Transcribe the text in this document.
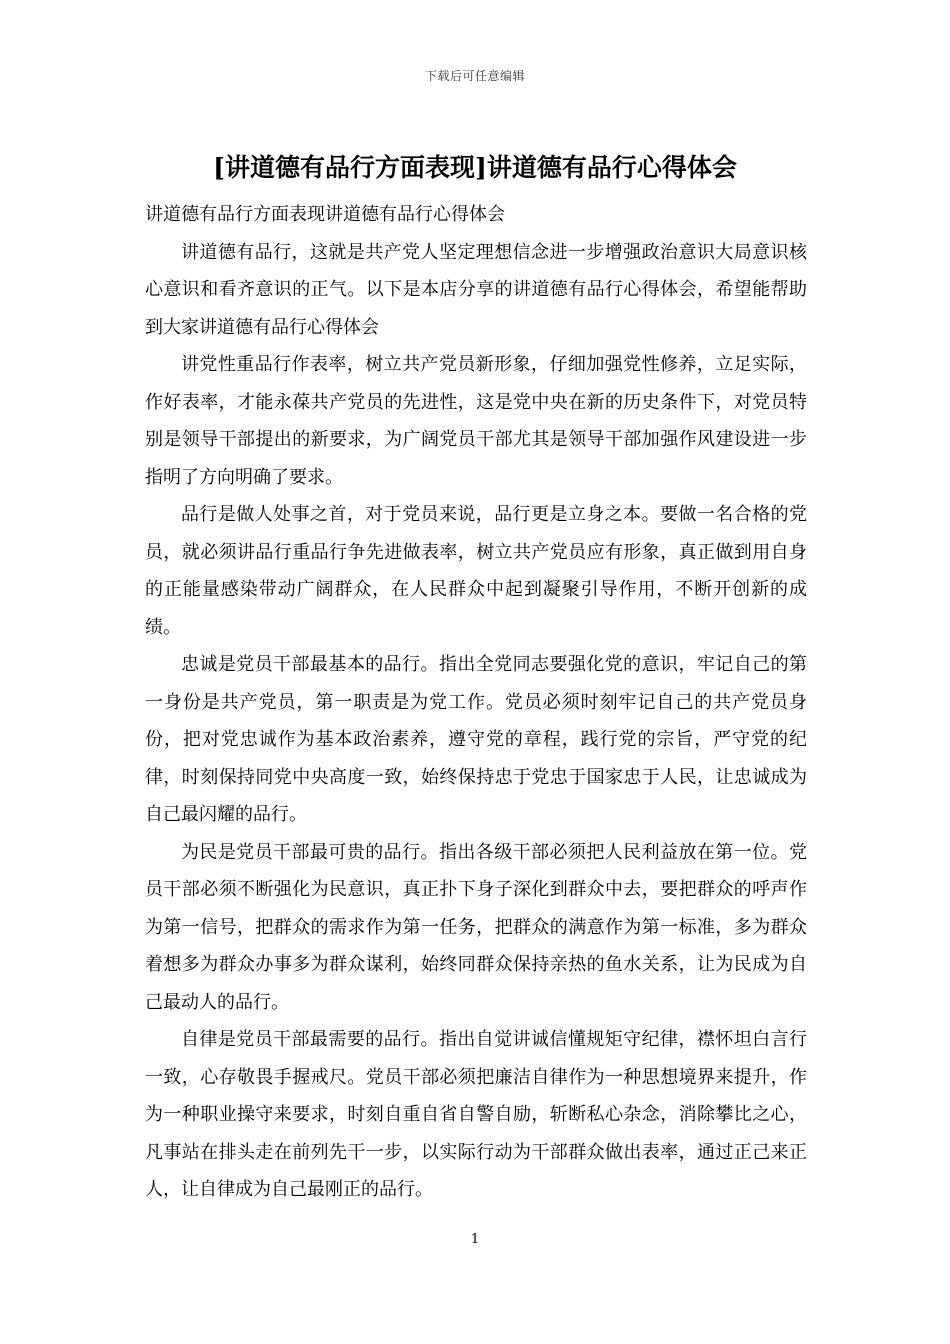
下载后可任意编辑
[讲道德有品行方面表现]讲道德有品行心得体会

讲道德有品行方面表现讲道德有品行心得体会

讲道德有品行，这就是共产党人坚定理想信念进一步增强政治意识大局意识核心意识和看齐意识的正气。以下是本店分享的讲道德有品行心得体会，希望能帮助到大家讲道德有品行心得体会

讲党性重品行作表率，树立共产党员新形象，仔细加强党性修养，立足实际，作好表率，才能永葆共产党员的先进性，这是党中央在新的历史条件下，对党员特别是领导干部提出的新要求，为广阔党员干部尤其是领导干部加强作风建设进一步指明了方向明确了要求。

品行是做人处事之首，对于党员来说，品行更是立身之本。要做一名合格的党员，就必须讲品行重品行争先进做表率，树立共产党员应有形象，真正做到用自身的正能量感染带动广阔群众，在人民群众中起到凝聚引导作用，不断开创新的成绩。

忠诚是党员干部最基本的品行。指出全党同志要强化党的意识，牢记自己的第一身份是共产党员，第一职责是为党工作。党员必须时刻牢记自己的共产党员身份，把对党忠诚作为基本政治素养，遵守党的章程，践行党的宗旨，严守党的纪律，时刻保持同党中央高度一致，始终保持忠于党忠于国家忠于人民，让忠诚成为自己最闪耀的品行。

为民是党员干部最可贵的品行。指出各级干部必须把人民利益放在第一位。党员干部必须不断强化为民意识，真正扑下身子深化到群众中去，要把群众的呼声作为第一信号，把群众的需求作为第一任务，把群众的满意作为第一标准，多为群众着想多为群众办事多为群众谋利，始终同群众保持亲热的鱼水关系，让为民成为自己最动人的品行。

自律是党员干部最需要的品行。指出自觉讲诚信懂规矩守纪律，襟怀坦白言行一致，心存敬畏手握戒尺。党员干部必须把廉洁自律作为一种思想境界来提升，作为一种职业操守来要求，时刻自重自省自警自励，斩断私心杂念，消除攀比之心，凡事站在排头走在前列先干一步，以实际行动为干部群众做出表率，通过正己来正人，让自律成为自己最刚正的品行。

1
